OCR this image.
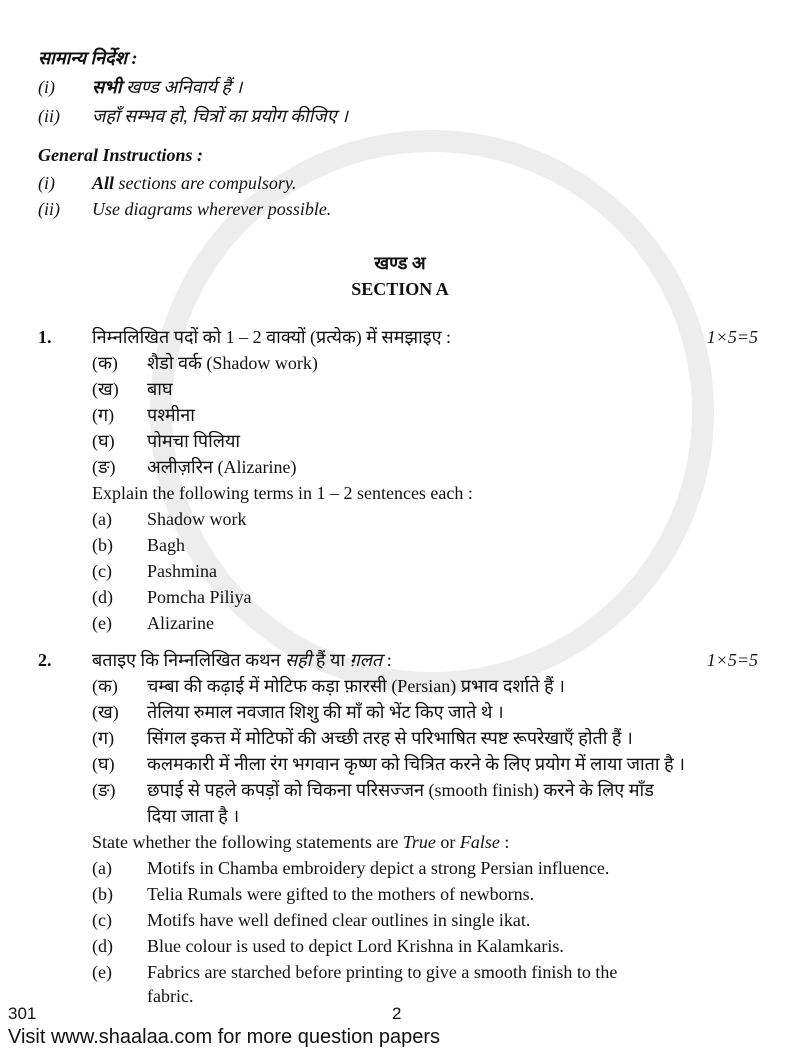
सामान्य निर्देश :
(i) सभी खण्ड अनिवार्य हैं ।
(ii) जहाँ सम्भव हो, चित्रों का प्रयोग कीजिए ।
General Instructions :
(i) All sections are compulsory.
(ii) Use diagrams wherever possible.
खण्ड अ
SECTION A
1. निम्नलिखित पदों को 1 – 2 वाक्यों (प्रत्येक) में समझाइए :	1×5=5
(क) शैडो वर्क (Shadow work)
(ख) बाघ
(ग) पश्मीना
(घ) पोमचा पिलिया
(ङ) अलीज़रिन (Alizarine)
Explain the following terms in 1 – 2 sentences each :
(a) Shadow work
(b) Bagh
(c) Pashmina
(d) Pomcha Piliya
(e) Alizarine
2. बताइए कि निम्नलिखित कथन सही हैं या ग़लत :	1×5=5
(क) चम्बा की कढ़ाई में मोटिफ कड़ा फ़ारसी (Persian) प्रभाव दर्शाते हैं ।
(ख) तेलिया रुमाल नवजात शिशु की माँ को भेंट किए जाते थे ।
(ग) सिंगल इकत्त में मोटिफों की अच्छी तरह से परिभाषित स्पष्ट रूपरेखाएँ होती हैं ।
(घ) कलमकारी में नीला रंग भगवान कृष्ण को चित्रित करने के लिए प्रयोग में लाया जाता है ।
(ङ) छपाई से पहले कपड़ों को चिकना परिसज्जन (smooth finish) करने के लिए माँड
दिया जाता है ।
State whether the following statements are True or False :
(a) Motifs in Chamba embroidery depict a strong Persian influence.
(b) Telia Rumals were gifted to the mothers of newborns.
(c) Motifs have well defined clear outlines in single ikat.
(d) Blue colour is used to depict Lord Krishna in Kalamkaris.
(e) Fabrics are starched before printing to give a smooth finish to the
fabric.
301	2
Visit www.shaalaa.com for more question papers
